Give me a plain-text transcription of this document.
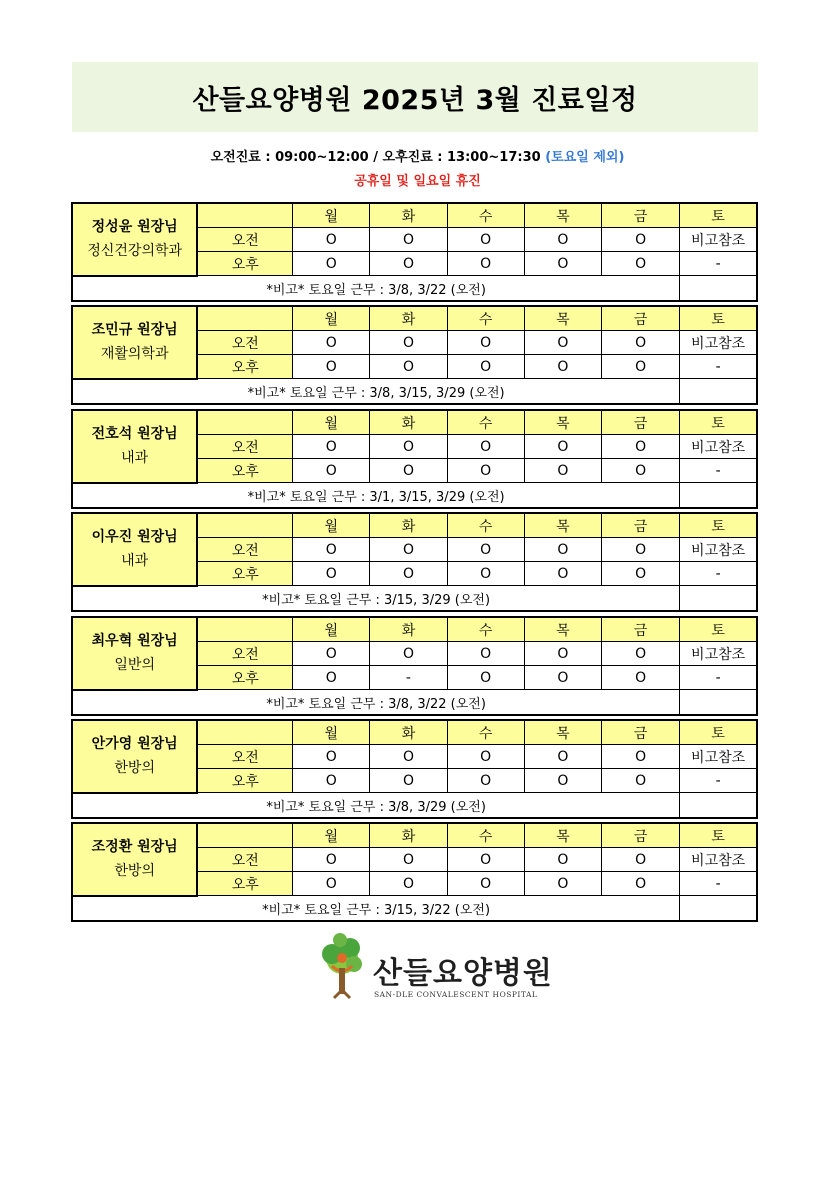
산들요양병원 2025년 3월 진료일정
오전진료 : 09:00~12:00 / 오후진료 : 13:00~17:30 (토요일 제외)
공휴일 및 일요일 휴진
정성윤 원장님
정신건강의학과		월	화	수	목	금	토
	오전	O	O	O	O	O	비고참조
	오후	O	O	O	O	O	-
*비고* 토요일 근무 : 3/8, 3/22 (오전)							
조민규 원장님
재활의학과		월	화	수	목	금	토
	오전	O	O	O	O	O	비고참조
	오후	O	O	O	O	O	-
*비고* 토요일 근무 : 3/8, 3/15, 3/29 (오전)							
전호석 원장님
내과		월	화	수	목	금	토
	오전	O	O	O	O	O	비고참조
	오후	O	O	O	O	O	-
*비고* 토요일 근무 : 3/1, 3/15, 3/29 (오전)							
이우진 원장님
내과		월	화	수	목	금	토
	오전	O	O	O	O	O	비고참조
	오후	O	O	O	O	O	-
*비고* 토요일 근무 : 3/15, 3/29 (오전)							
최우혁 원장님
일반의		월	화	수	목	금	토
	오전	O	O	O	O	O	비고참조
	오후	O	-	O	O	O	-
*비고* 토요일 근무 : 3/8, 3/22 (오전)							
안가영 원장님
한방의		월	화	수	목	금	토
	오전	O	O	O	O	O	비고참조
	오후	O	O	O	O	O	-
*비고* 토요일 근무 : 3/8, 3/29 (오전)							
조정환 원장님
한방의		월	화	수	목	금	토
	오전	O	O	O	O	O	비고참조
	오후	O	O	O	O	O	-
*비고* 토요일 근무 : 3/15, 3/22 (오전)							
산들요양병원
SAN-DLE CONVALESCENT HOSPITAL
